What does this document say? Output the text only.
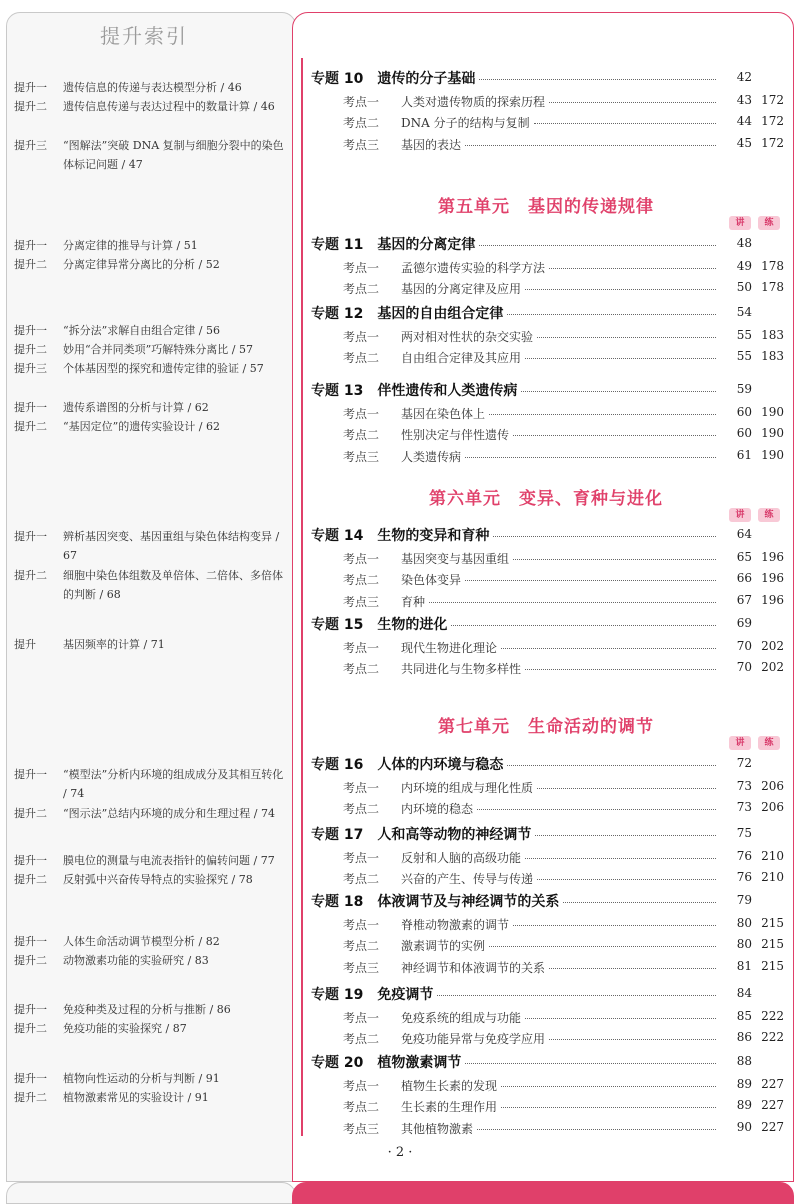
提升索引
提升一	遗传信息的传递与表达模型分析 / 46
提升二	遗传信息传递与表达过程中的数量计算 / 46
提升三	“图解法”突破 DNA 复制与细胞分裂中的染色体标记问题 / 47
提升一	分离定律的推导与计算 / 51
提升二	分离定律异常分离比的分析 / 52
提升一	“拆分法”求解自由组合定律 / 56
提升二	妙用“合并同类项”巧解特殊分离比 / 57
提升三	个体基因型的探究和遗传定律的验证 / 57
提升一	遗传系谱图的分析与计算 / 62
提升二	“基因定位”的遗传实验设计 / 62
提升一	辨析基因突变、基因重组与染色体结构变异 / 67
提升二	细胞中染色体组数及单倍体、二倍体、多倍体的判断 / 68
提升	基因频率的计算 / 71
提升一	“模型法”分析内环境的组成成分及其相互转化 / 74
提升二	“图示法”总结内环境的成分和生理过程 / 74
提升一	膜电位的测量与电流表指针的偏转问题 / 77
提升二	反射弧中兴奋传导特点的实验探究 / 78
提升一	人体生命活动调节模型分析 / 82
提升二	动物激素功能的实验研究 / 83
提升一	免疫种类及过程的分析与推断 / 86
提升二	免疫功能的实验探究 / 87
提升一	植物向性运动的分析与判断 / 91
提升二	植物激素常见的实验设计 / 91
第五单元　基因的传递规律
讲	练
第六单元　变异、育种与进化
讲	练
第七单元　生命活动的调节
讲	练
专题 10　遗传的分子基础	42
考点一	人类对遗传物质的探索历程	43 172
考点二	DNA 分子的结构与复制	44 172
考点三	基因的表达	45 172
专题 11　基因的分离定律	48
考点一	孟德尔遗传实验的科学方法	49 178
考点二	基因的分离定律及应用	50 178
专题 12　基因的自由组合定律	54
考点一	两对相对性状的杂交实验	55 183
考点二	自由组合定律及其应用	55 183
专题 13　伴性遗传和人类遗传病	59
考点一	基因在染色体上	60 190
考点二	性别决定与伴性遗传	60 190
考点三	人类遗传病	61 190
专题 14　生物的变异和育种	64
考点一	基因突变与基因重组	65 196
考点二	染色体变异	66 196
考点三	育种	67 196
专题 15　生物的进化	69
考点一	现代生物进化理论	70 202
考点二	共同进化与生物多样性	70 202
专题 16　人体的内环境与稳态	72
考点一	内环境的组成与理化性质	73 206
考点二	内环境的稳态	73 206
专题 17　人和高等动物的神经调节	75
考点一	反射和人脑的高级功能	76 210
考点二	兴奋的产生、传导与传递	76 210
专题 18　体液调节及与神经调节的关系	79
考点一	脊椎动物激素的调节	80 215
考点二	激素调节的实例	80 215
考点三	神经调节和体液调节的关系	81 215
专题 19　免疫调节	84
考点一	免疫系统的组成与功能	85 222
考点二	免疫功能异常与免疫学应用	86 222
专题 20　植物激素调节	88
考点一	植物生长素的发现	89 227
考点二	生长素的生理作用	89 227
考点三	其他植物激素	90 227
· 2 ·
